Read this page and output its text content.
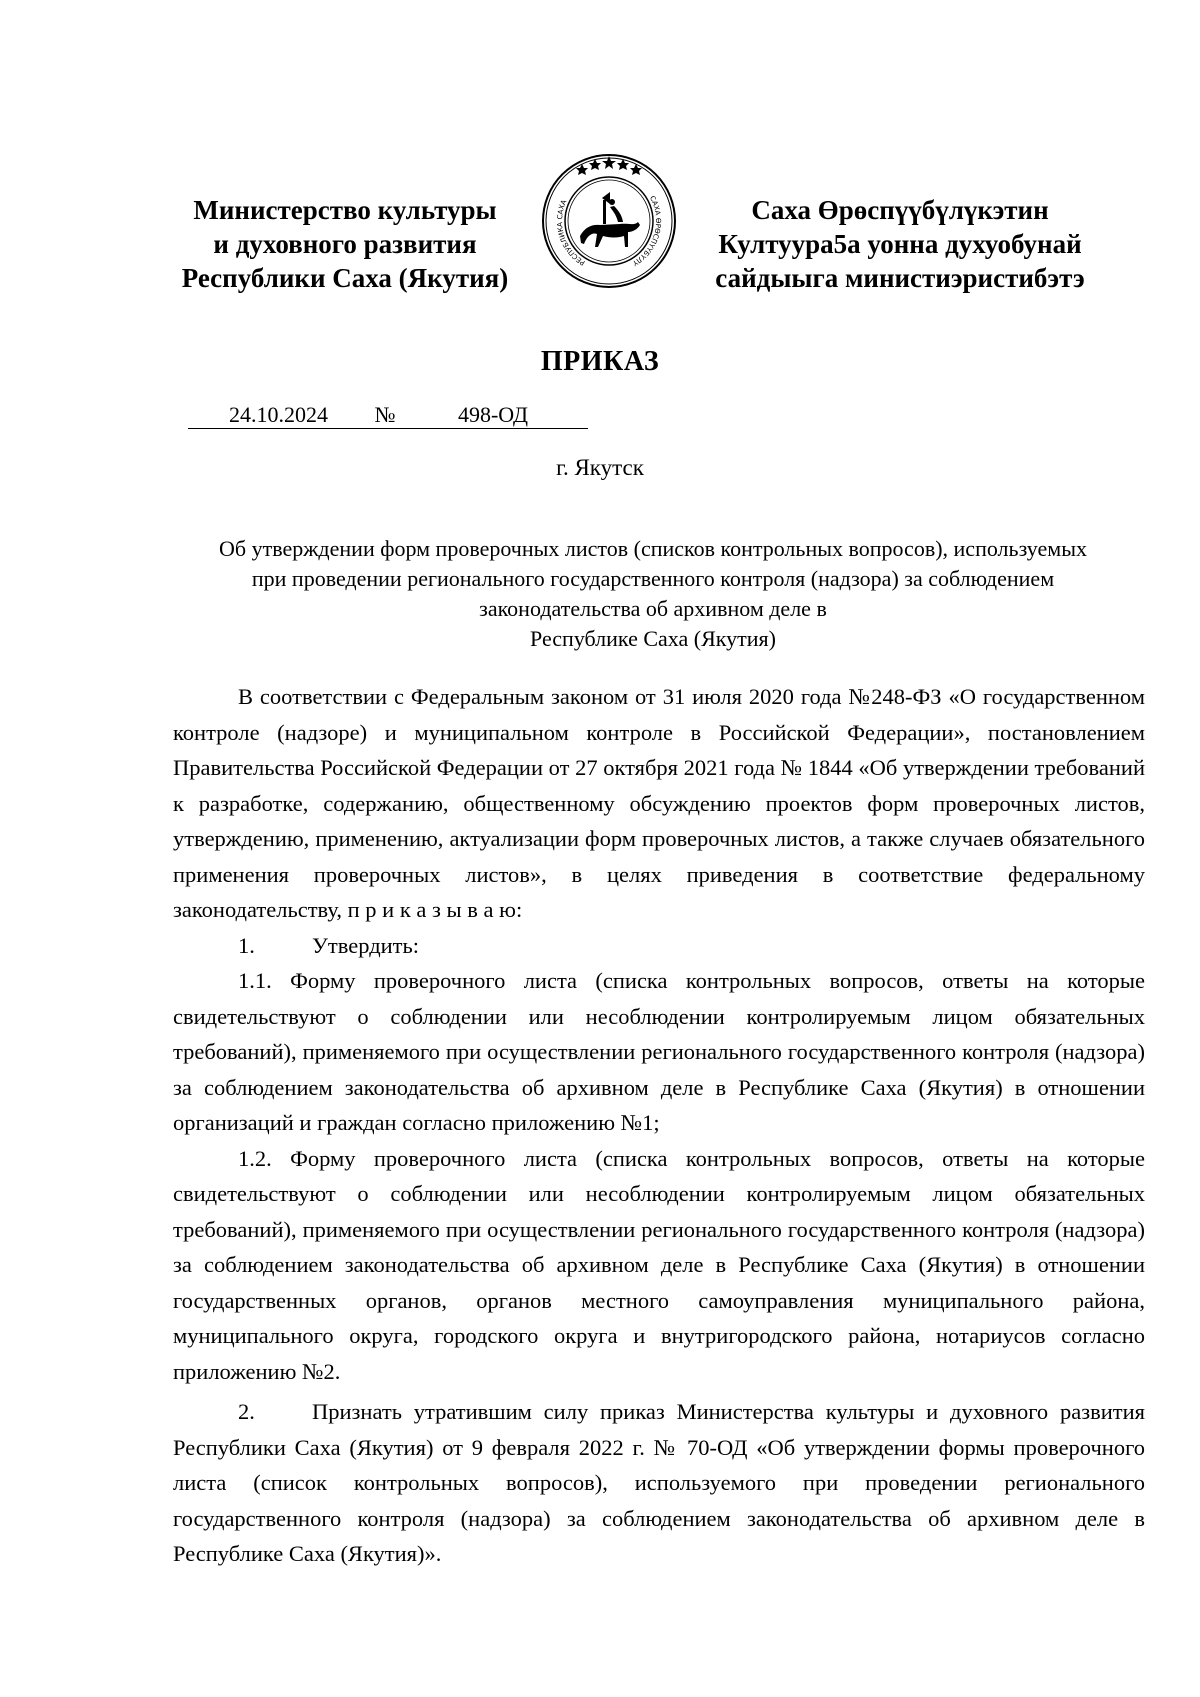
Министерство культуры
и духовного развития
Республики Саха (Якутия)
РЕСПУБЛИКА САХА	САХА ӨРӨСПҮҮБҮЛҮКЭТЭ
Саха Өрөспүүбүлүкэтин
Култуура5а уонна духуобунай
сайдыыга министиэристибэтэ
ПРИКАЗ
24.10.2024	№	498-ОД
г. Якутск
Об утверждении форм проверочных листов (списков контрольных вопросов), используемых
при проведении регионального государственного контроля (надзора) за соблюдением
законодательства об архивном деле в
Республике Саха (Якутия)

В соответствии с Федеральным законом от 31 июля 2020 года №248-ФЗ «О государственном контроле (надзоре) и муниципальном контроле в Российской Федерации», постановлением Правительства Российской Федерации от 27 октября 2021 года № 1844 «Об утверждении требований к разработке, содержанию, общественному обсуждению проектов форм проверочных листов, утверждению, применению, актуализации форм проверочных листов, а также случаев обязательного применения проверочных листов», в целях приведения в соответствие федеральному законодательству, п р и к а з ы в а ю:

1.	Утвердить:

1.1. Форму проверочного листа (списка контрольных вопросов, ответы на которые свидетельствуют о соблюдении или несоблюдении контролируемым лицом обязательных требований), применяемого при осуществлении регионального государственного контроля (надзора) за соблюдением законодательства об архивном деле в Республике Саха (Якутия) в отношении организаций и граждан согласно приложению №1;

1.2. Форму проверочного листа (списка контрольных вопросов, ответы на которые свидетельствуют о соблюдении или несоблюдении контролируемым лицом обязательных требований), применяемого при осуществлении регионального государственного контроля (надзора) за соблюдением законодательства об архивном деле в Республике Саха (Якутия) в отношении государственных органов, органов местного самоуправления муниципального района, муниципального округа, городского округа и внутригородского района, нотариусов согласно приложению №2.

2.	Признать утратившим силу приказ Министерства культуры и духовного развития Республики Саха (Якутия) от 9 февраля 2022 г. № 70-ОД «Об утверждении формы проверочного листа (список контрольных вопросов), используемого при проведении регионального государственного контроля (надзора) за соблюдением законодательства об архивном деле в Республике Саха (Якутия)».
